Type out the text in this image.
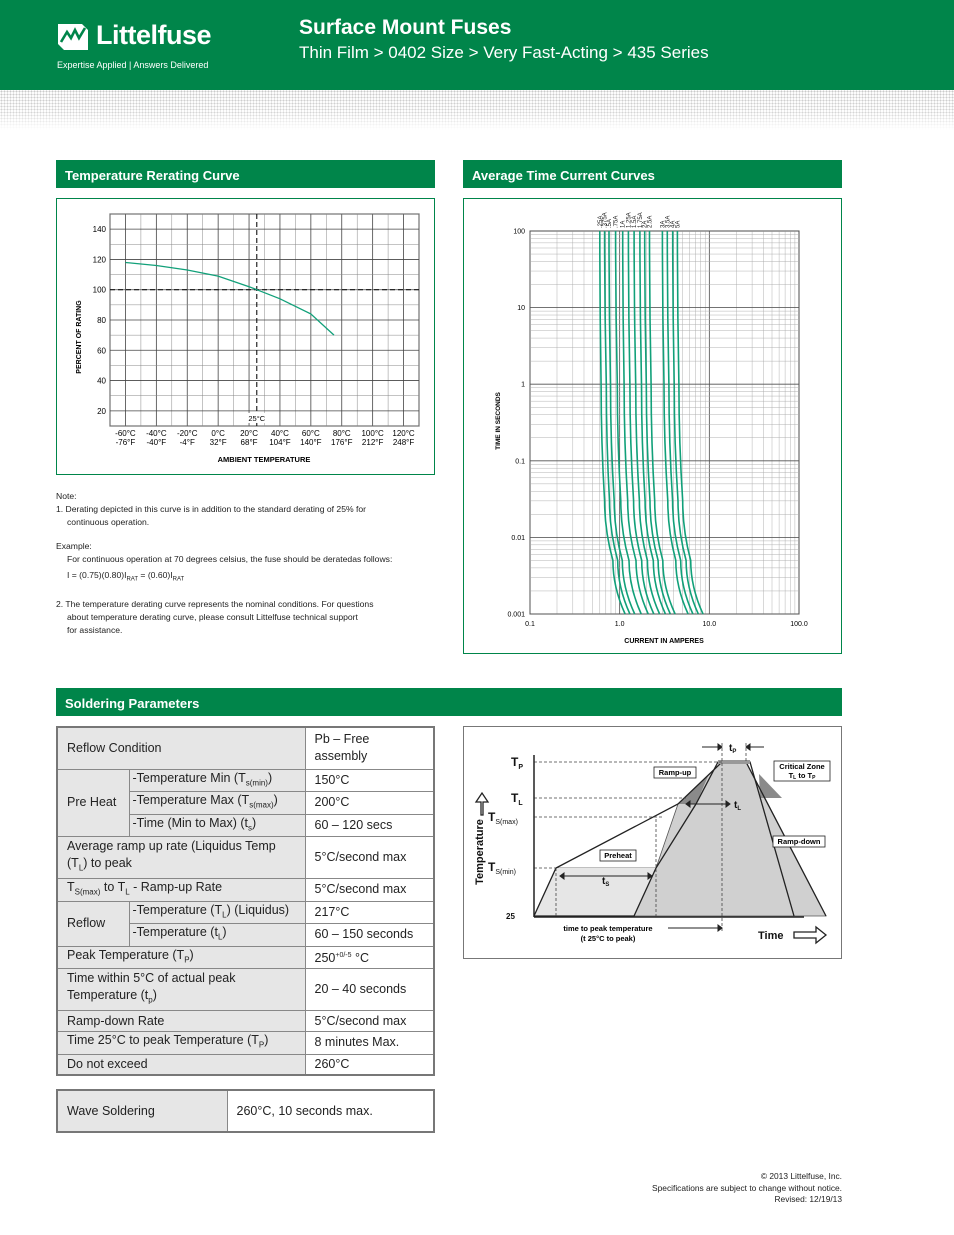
Littelfuse
Expertise Applied | Answers Delivered
Surface Mount Fuses
Thin Film > 0402 Size > Very Fast-Acting > 435 Series
Temperature Rerating Curve	Average Time Current Curves
Soldering Parameters
140
120
100
80
60
40
20
-60°C -40°C -20°C 0°C 20°C 40°C 60°C 80°C 100°C 120°C
-76°F -40°F -4°F 32°F 68°F 104°F 140°F 176°F 212°F 248°F
25°C
PERCENT OF RATING
AMBIENT TEMPERATURE

Note:

1. Derating depicted in this curve is in addition to the standard derating of 25% for

continuous operation.

Example:

For continuous operation at 70 degrees celsius, the fuse should be deratedas follows:

$I = (0.75)(0.80)I_{RAT} = (0.60)I_{RAT}$

2. The temperature derating curve represents the nominal conditions. For questions

about temperature derating curve, please consult Littelfuse technical support

for assistance.

.25A
.375A
.5A .75A 1A 1.25A 1.5A 1.75A
2A
2.5A 3A
3.5A 4A
5A
100
10
1
0.1
0.01
0.001
0.1	1.0	10.0	100.0
TIME IN SECONDS
CURRENT IN AMPERES
Reflow Condition		Pb – Free assembly
Pre Heat	-Temperature Min $(T_{s(min)})$	150°C
	-Temperature Max $(T_{s(max)})$	200°C
	-Time (Min to Max) $(t_s)$	60 – 120 secs
Average ramp up rate (Liquidus Temp
$(T_L)$ to peak		5°C/second max
$T_{S(max)}$ to $T_L$ - Ramp-up Rate		5°C/second max
Reflow	-Temperature $(T_L)$ (Liquidus)	217°C
	-Temperature $(t_L)$	60 – 150 seconds
Peak Temperature $(T_P)$		$250^{+0/-5}$ °C
Time within 5°C of actual peak
Temperature $(t_p)$		20 – 40 seconds
Ramp-down Rate		5°C/second max
Time 25°C to peak Temperature $(T_P)$		8 minutes Max.
Do not exceed		260°C
Wave Soldering	260°C, 10 seconds max.
$T_P$
$T_L$
$T_{S(max)}$
$T_{S(min)}$
25
$t_P$
$t_L$
$t_S$
Time
Temperature
Ramp-up
Preheat
Ramp-down
Critical Zone
TL to TP
time to peak temperature
(t 25°C to peak)
© 2013 Littelfuse, Inc.
Specifications are subject to change without notice.
Revised: 12/19/13
